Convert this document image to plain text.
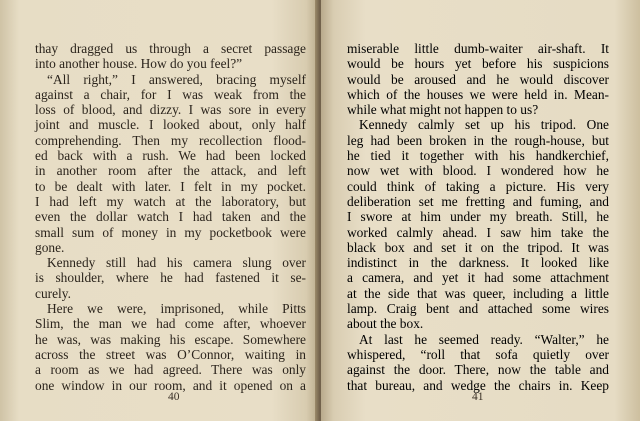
thay dragged us through a secret passage
into another house. How do you feel?”
“All right,” I answered, bracing myself
against a chair, for I was weak from the
loss of blood, and dizzy. I was sore in every
joint and muscle. I looked about, only half
comprehending. Then my recollection flood-
ed back with a rush. We had been locked
in another room after the attack, and left
to be dealt with later. I felt in my pocket.
I had left my watch at the laboratory, but
even the dollar watch I had taken and the
small sum of money in my pocketbook were
gone.
Kennedy still had his camera slung over
is shoulder, where he had fastened it se-
curely.
Here we were, imprisoned, while Pitts
Slim, the man we had come after, whoever
he was, was making his escape. Somewhere
across the street was O’Connor, waiting in
a room as we had agreed. There was only
one window in our room, and it opened on a
40
miserable little dumb-waiter air-shaft. It
would be hours yet before his suspicions
would be aroused and he would discover
which of the houses we were held in. Mean-
while what might not happen to us?
Kennedy calmly set up his tripod. One
leg had been broken in the rough-house, but
he tied it together with his handkerchief,
now wet with blood. I wondered how he
could think of taking a picture. His very
deliberation set me fretting and fuming, and
I swore at him under my breath. Still, he
worked calmly ahead. I saw him take the
black box and set it on the tripod. It was
indistinct in the darkness. It looked like
a camera, and yet it had some attachment
at the side that was queer, including a little
lamp. Craig bent and attached some wires
about the box.
At last he seemed ready. “Walter,” he
whispered, “roll that sofa quietly over
against the door. There, now the table and
that bureau, and wedge the chairs in. Keep
41
